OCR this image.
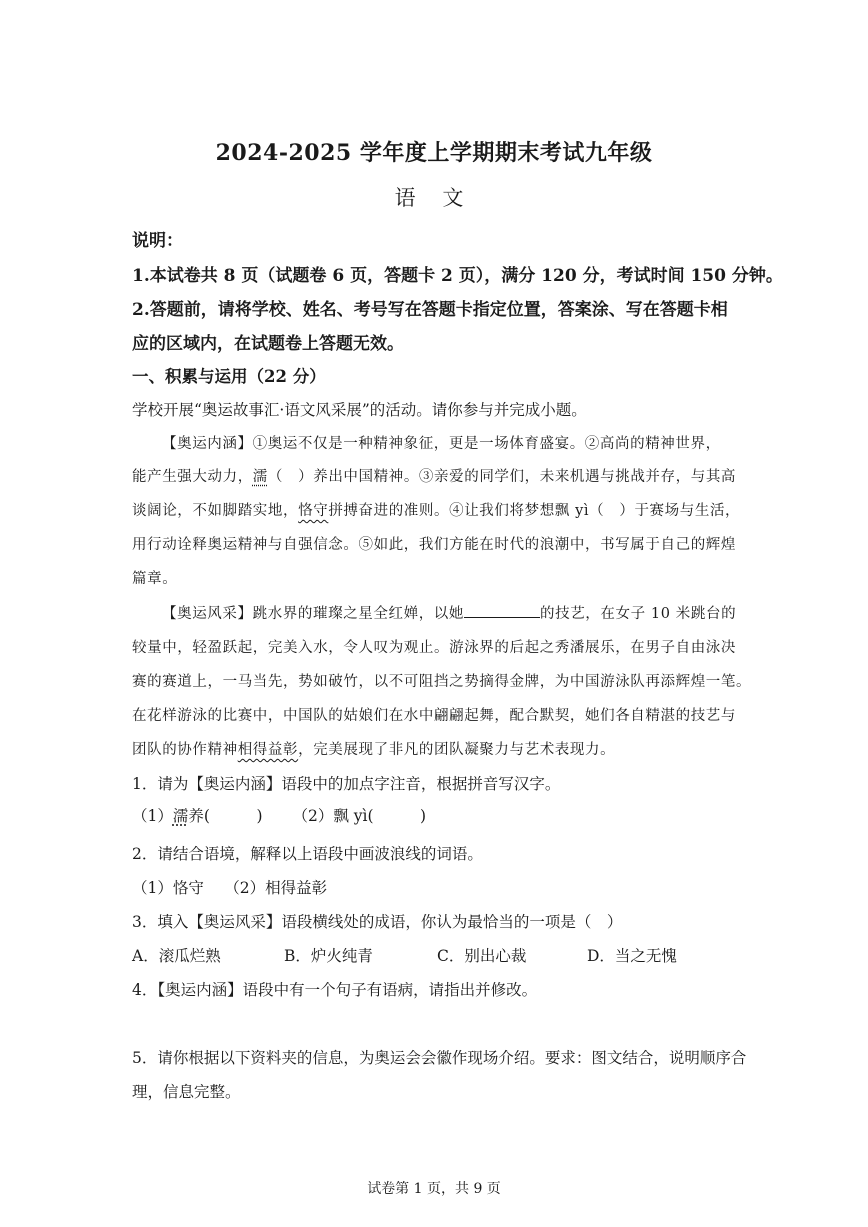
2024-2025 学年度上学期期末考试九年级
语 文
说明：
1.本试卷共 8 页（试题卷 6 页，答题卡 2 页），满分 120 分，考试时间 150 分钟。
2.答题前，请将学校、姓名、考号写在答题卡指定位置，答案涂、写在答题卡相
应的区域内，在试题卷上答题无效。
一、积累与运用（22 分）
学校开展“奥运故事汇·语文风采展”的活动。请你参与并完成小题。
【奥运内涵】①奥运不仅是一种精神象征，更是一场体育盛宴。②高尚的精神世界，
能产生强大动力，濡（　）养出中国精神。③亲爱的同学们，未来机遇与挑战并存，与其高
谈阔论，不如脚踏实地，恪守拼搏奋进的准则。④让我们将梦想飘 yì（　）于赛场与生活，
用行动诠释奥运精神与自强信念。⑤如此，我们方能在时代的浪潮中，书写属于自己的辉煌
篇章。
【奥运风采】跳水界的璀璨之星全红婵，以她	的技艺，在女子 10 米跳台的
较量中，轻盈跃起，完美入水，令人叹为观止。游泳界的后起之秀潘展乐，在男子自由泳决
赛的赛道上，一马当先，势如破竹，以不可阻挡之势摘得金牌，为中国游泳队再添辉煌一笔。
在花样游泳的比赛中，中国队的姑娘们在水中翩翩起舞，配合默契，她们各自精湛的技艺与
团队的协作精神相得益彰，完美展现了非凡的团队凝聚力与艺术表现力。
1．请为【奥运内涵】语段中的加点字注音，根据拼音写汉字。
（1）濡养(　　　) （2）飘 yì(　　　)
2．请结合语境，解释以上语段中画波浪线的词语。
（1）恪守　 （2）相得益彰
3．填入【奥运风采】语段横线处的成语，你认为最恰当的一项是（　）
A．滚瓜烂熟	B．炉火纯青	C．别出心裁	D．当之无愧
4．【奥运内涵】语段中有一个句子有语病，请指出并修改。
5．请你根据以下资料夹的信息，为奥运会会徽作现场介绍。要求：图文结合，说明顺序合
理，信息完整。
试卷第 1 页，共 9 页
